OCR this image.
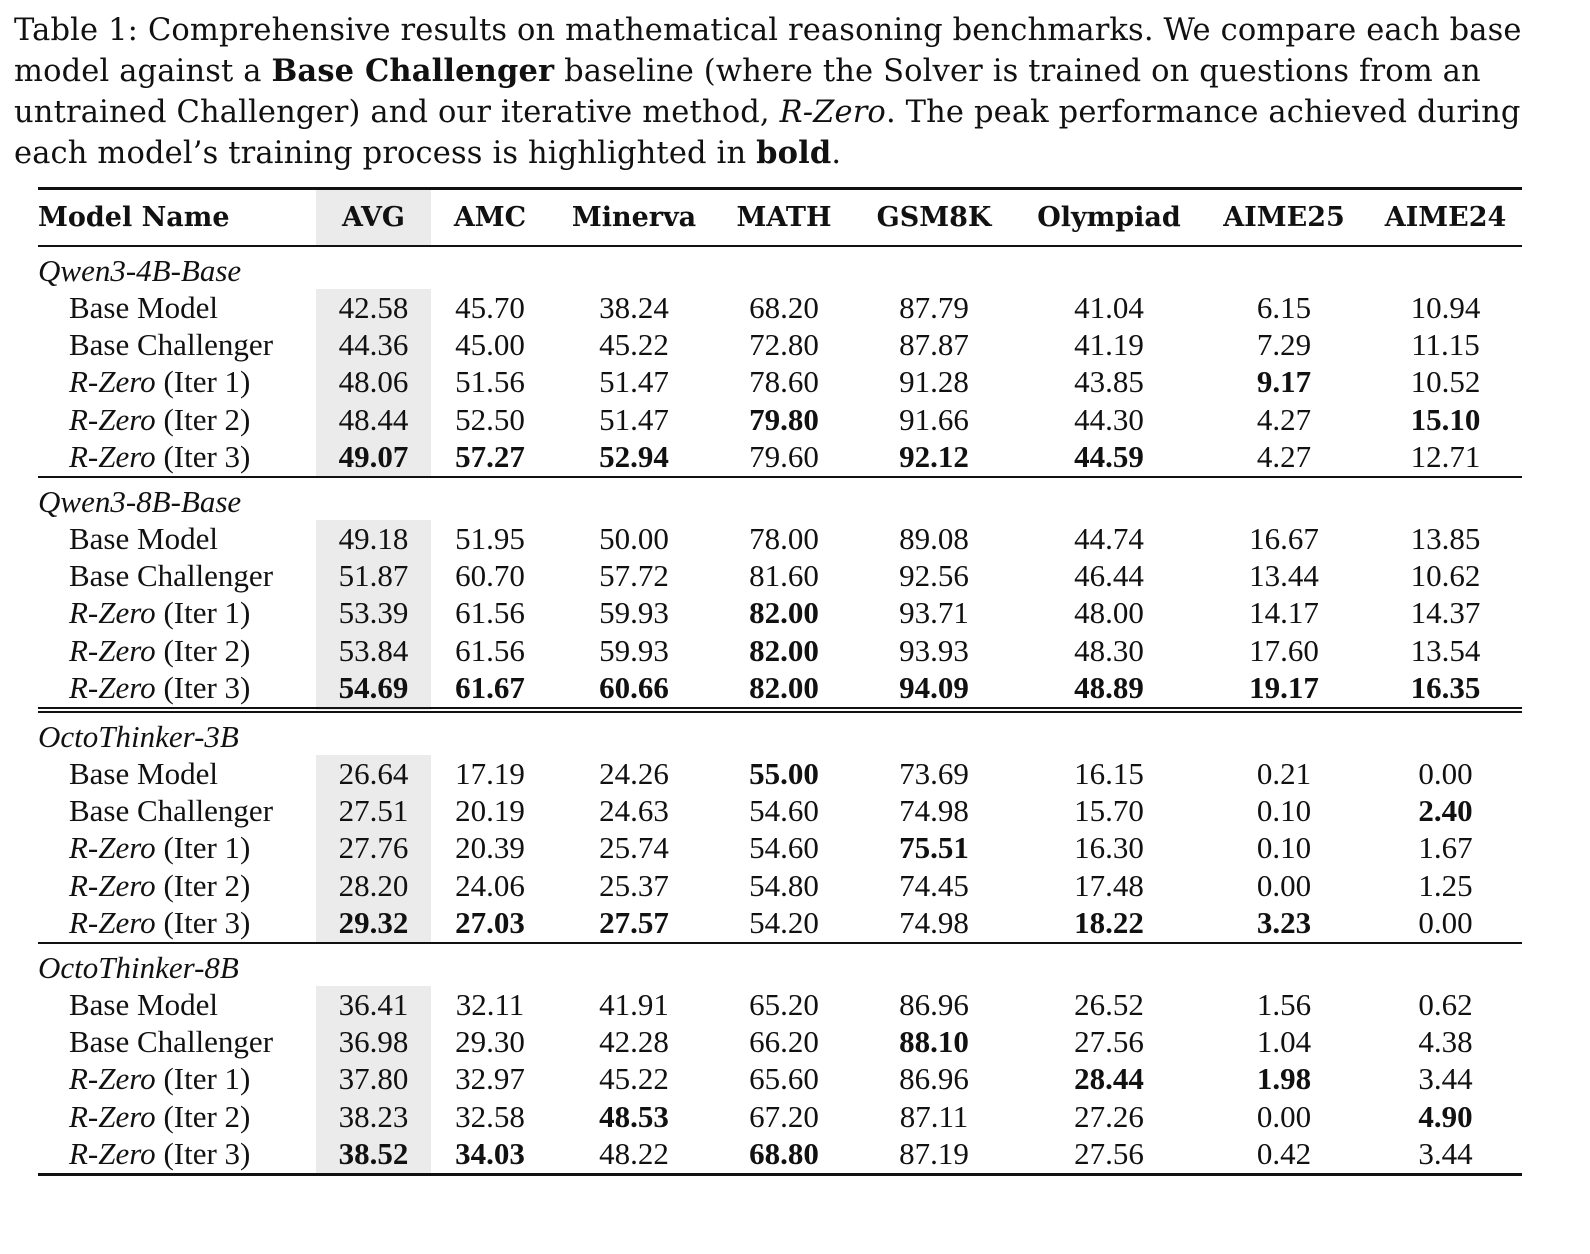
Table 1: Comprehensive results on mathematical reasoning benchmarks. We compare each base model against a Base Challenger baseline (where the Solver is trained on questions from an untrained Challenger) and our iterative method, R-Zero. The peak performance achieved during each model’s training process is highlighted in bold.
Model Name	AVG	AMC	Minerva	MATH	GSM8K	Olympiad	AIME25	AIME24
Qwen3-4B-Base								
Base Model	42.58	45.70	38.24	68.20	87.79	41.04	6.15	10.94
Base Challenger	44.36	45.00	45.22	72.80	87.87	41.19	7.29	11.15
R-Zero (Iter 1)	48.06	51.56	51.47	78.60	91.28	43.85	9.17	10.52
R-Zero (Iter 2)	48.44	52.50	51.47	79.80	91.66	44.30	4.27	15.10
R-Zero (Iter 3)	49.07	57.27	52.94	79.60	92.12	44.59	4.27	12.71
Qwen3-8B-Base								
Base Model	49.18	51.95	50.00	78.00	89.08	44.74	16.67	13.85
Base Challenger	51.87	60.70	57.72	81.60	92.56	46.44	13.44	10.62
R-Zero (Iter 1)	53.39	61.56	59.93	82.00	93.71	48.00	14.17	14.37
R-Zero (Iter 2)	53.84	61.56	59.93	82.00	93.93	48.30	17.60	13.54
R-Zero (Iter 3)	54.69	61.67	60.66	82.00	94.09	48.89	19.17	16.35
OctoThinker-3B								
Base Model	26.64	17.19	24.26	55.00	73.69	16.15	0.21	0.00
Base Challenger	27.51	20.19	24.63	54.60	74.98	15.70	0.10	2.40
R-Zero (Iter 1)	27.76	20.39	25.74	54.60	75.51	16.30	0.10	1.67
R-Zero (Iter 2)	28.20	24.06	25.37	54.80	74.45	17.48	0.00	1.25
R-Zero (Iter 3)	29.32	27.03	27.57	54.20	74.98	18.22	3.23	0.00
OctoThinker-8B								
Base Model	36.41	32.11	41.91	65.20	86.96	26.52	1.56	0.62
Base Challenger	36.98	29.30	42.28	66.20	88.10	27.56	1.04	4.38
R-Zero (Iter 1)	37.80	32.97	45.22	65.60	86.96	28.44	1.98	3.44
R-Zero (Iter 2)	38.23	32.58	48.53	67.20	87.11	27.26	0.00	4.90
R-Zero (Iter 3)	38.52	34.03	48.22	68.80	87.19	27.56	0.42	3.44
